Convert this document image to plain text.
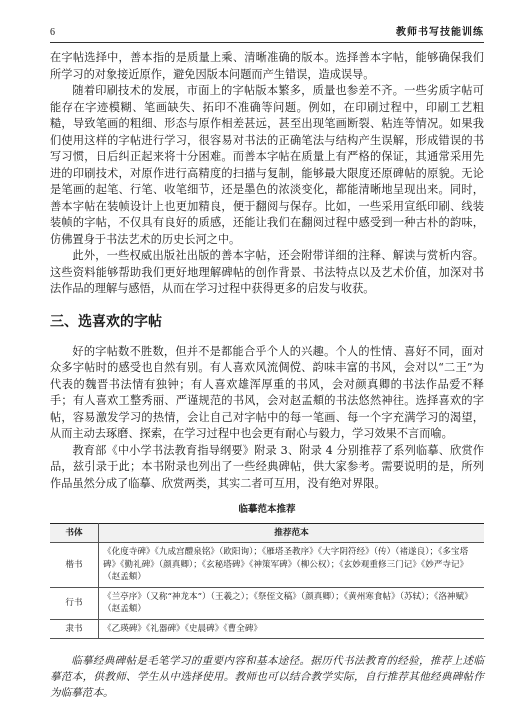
6	教师书写技能训练

在字帖选择中，善本指的是质量上乘、清晰准确的版本。选择善本字帖，能够确保我们所学习的对象接近原作，避免因版本问题而产生错误，造成误导。

随着印刷技术的发展，市面上的字帖版本繁多，质量也参差不齐。一些劣质字帖可能存在字迹模糊、笔画缺失、拓印不准确等问题。例如，在印刷过程中，印刷工艺粗糙，导致笔画的粗细、形态与原作相差甚远，甚至出现笔画断裂、粘连等情况。如果我们使用这样的字帖进行学习，很容易对书法的正确笔法与结构产生误解，形成错误的书写习惯，日后纠正起来将十分困难。而善本字帖在质量上有严格的保证，其通常采用先进的印刷技术，对原作进行高精度的扫描与复制，能够最大限度还原碑帖的原貌。无论是笔画的起笔、行笔、收笔细节，还是墨色的浓淡变化，都能清晰地呈现出来。同时，善本字帖在装帧设计上也更加精良，便于翻阅与保存。比如，一些采用宣纸印刷、线装装帧的字帖，不仅具有良好的质感，还能让我们在翻阅过程中感受到一种古朴的韵味，仿佛置身于书法艺术的历史长河之中。

此外，一些权威出版社出版的善本字帖，还会附带详细的注释、解读与赏析内容。这些资料能够帮助我们更好地理解碑帖的创作背景、书法特点以及艺术价值，加深对书法作品的理解与感悟，从而在学习过程中获得更多的启发与收获。

三、选喜欢的字帖

好的字帖数不胜数，但并不是都能合乎个人的兴趣。个人的性情、喜好不同，面对众多字帖时的感受也自然有别。有人喜欢风流倜傥、韵味丰富的书风，会对以“二王”为代表的魏晋书法情有独钟；有人喜欢雄浑厚重的书风，会对颜真卿的书法作品爱不释手；有人喜欢工整秀丽、严谨规范的书风，会对赵孟頫的书法悠然神往。选择喜欢的字帖，容易激发学习的热情，会让自己对字帖中的每一笔画、每一个字充满学习的渴望，从而主动去琢磨、探索，在学习过程中也会更有耐心与毅力，学习效果不言而喻。

教育部《中小学书法教育指导纲要》附录 3、附录 4 分别推荐了系列临摹、欣赏作品，兹引录于此；本书附录也列出了一些经典碑帖，供大家参考。需要说明的是，所列作品虽然分成了临摹、欣赏两类，其实二者可互用，没有绝对界限。

临摹范本推荐
书体	推荐范本
楷书	《化度寺碑》《九成宫醴泉铭》（欧阳询）；《雁塔圣教序》《大字阴符经》（传）（褚遂良）；《多宝塔碑》《勤礼碑》（颜真卿）；《玄秘塔碑》《神策军碑》（柳公权）；《玄妙观重修三门记》《妙严寺记》（赵孟頫）
行书	《兰亭序》（又称“神龙本”）（王羲之）；《祭侄文稿》（颜真卿）；《黄州寒食帖》（苏轼）；《洛神赋》（赵孟頫）
隶书	《乙瑛碑》《礼器碑》《史晨碑》《曹全碑》

临摹经典碑帖是毛笔学习的重要内容和基本途径。据历代书法教育的经验，推荐上述临摹范本，供教师、学生从中选择使用。教师也可以结合教学实际，自行推荐其他经典碑帖作为临摹范本。
